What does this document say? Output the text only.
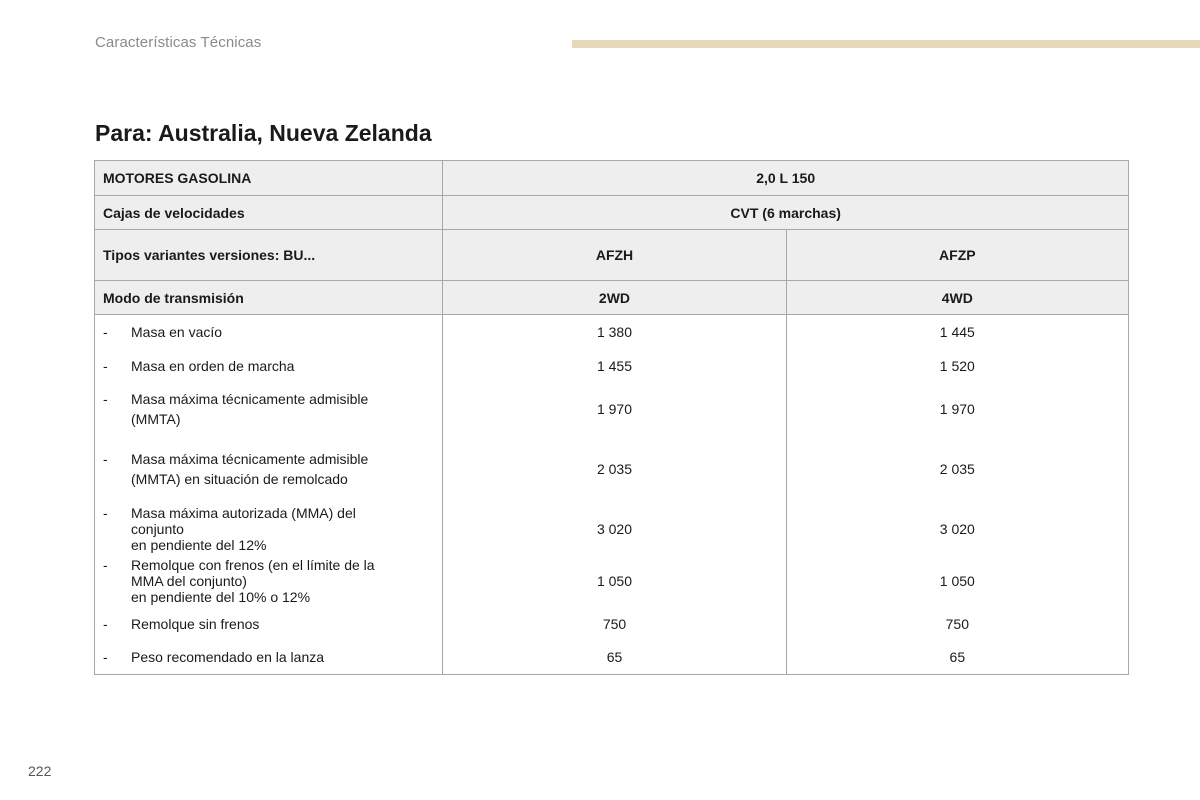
Características Técnicas
Para: Australia, Nueva Zelanda
MOTORES GASOLINA	2,0 L 150	
Cajas de velocidades	CVT (6 marchas)	
Tipos variantes versiones: BU...	AFZH	AFZP
Modo de transmisión	2WD	4WD

- Masa en vacío	1 380	1 445

- Masa en orden de marcha	1 455	1 520

- Masa máxima técnicamente admisible
(MMTA)	1 970	1 970

- Masa máxima técnicamente admisible
(MMTA) en situación de remolcado	2 035	2 035

- Masa máxima autorizada (MMA) del
conjunto
en pendiente del 12%	3 020	3 020

- Remolque con frenos (en el límite de la
MMA del conjunto)
en pendiente del 10% o 12%	1 050	1 050

- Remolque sin frenos	750	750

- Peso recomendado en la lanza	65	65
222
